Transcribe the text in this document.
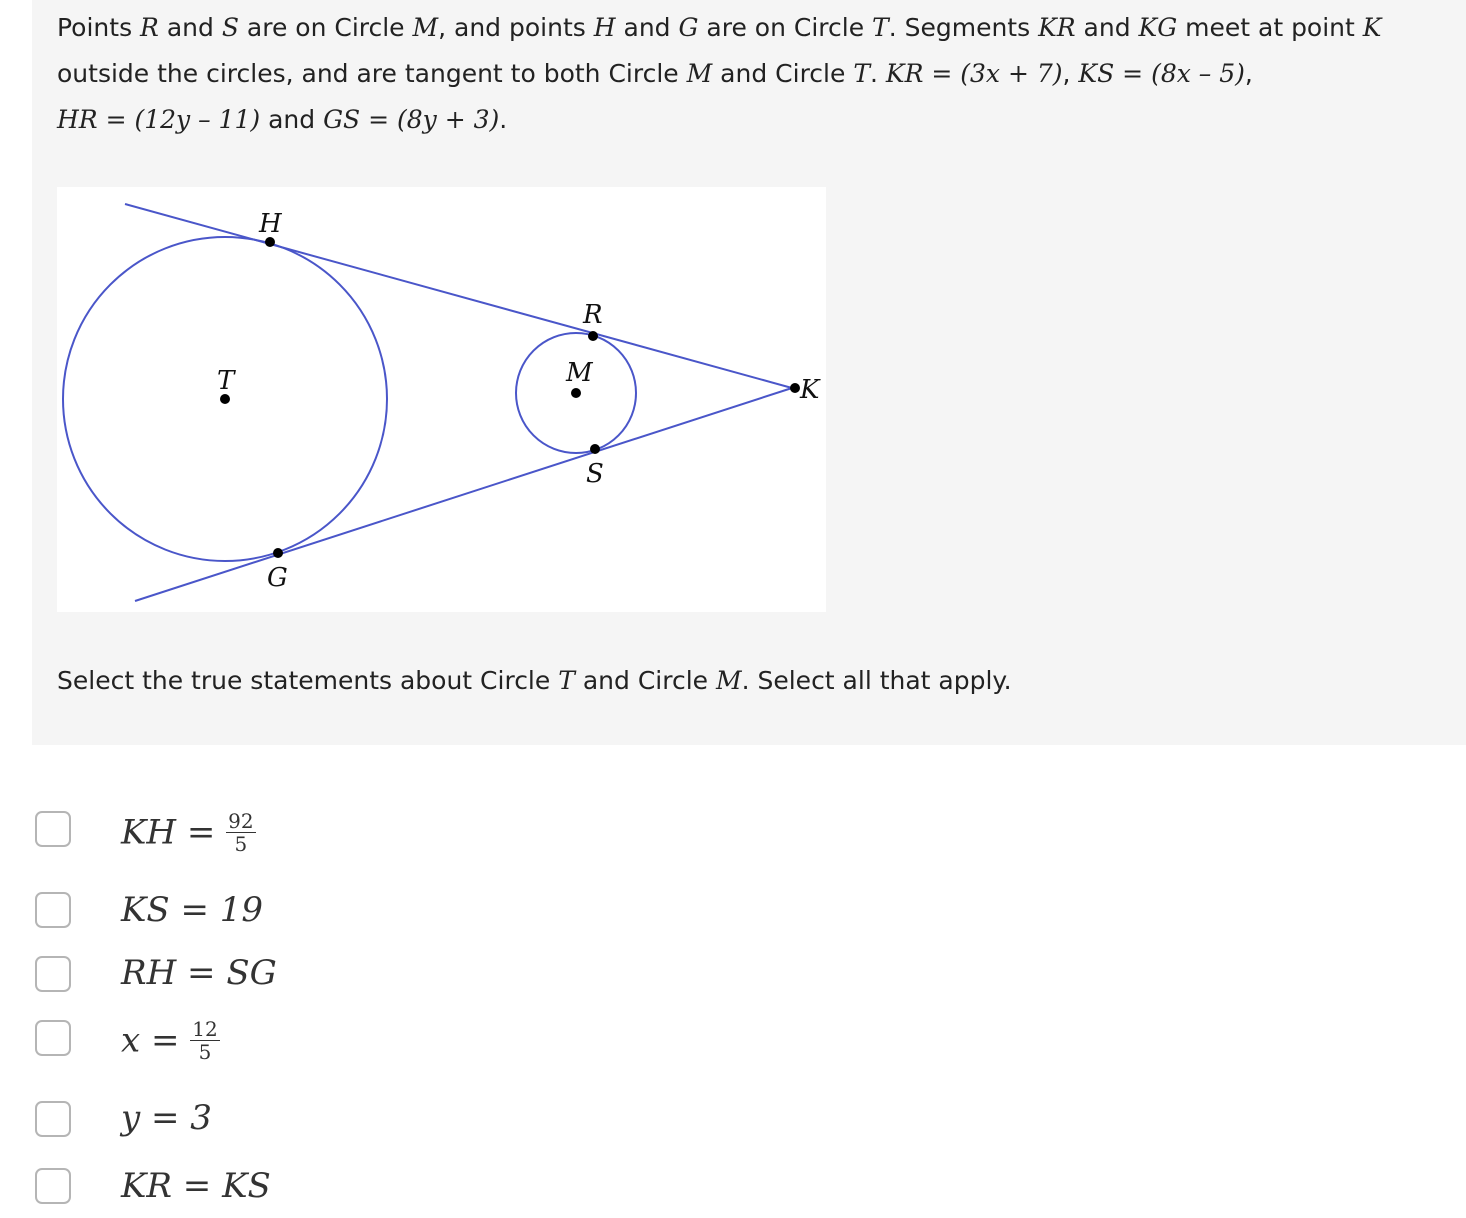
Points R and S are on Circle M, and points H and G are on Circle T. Segments KR and KG meet at point K
outside the circles, and are tangent to both Circle M and Circle T. KR = (3x + 7), KS = (8x – 5),
HR = (12y – 11) and GS = (8y + 3).
H
R
M
T	K
S
G
Select the true statements about Circle T and Circle M. Select all that apply.
KH = $\frac{92}{5}$
KS = 19
RH = SG
$x = \frac{12}{5}$
y = 3
KR = KS
